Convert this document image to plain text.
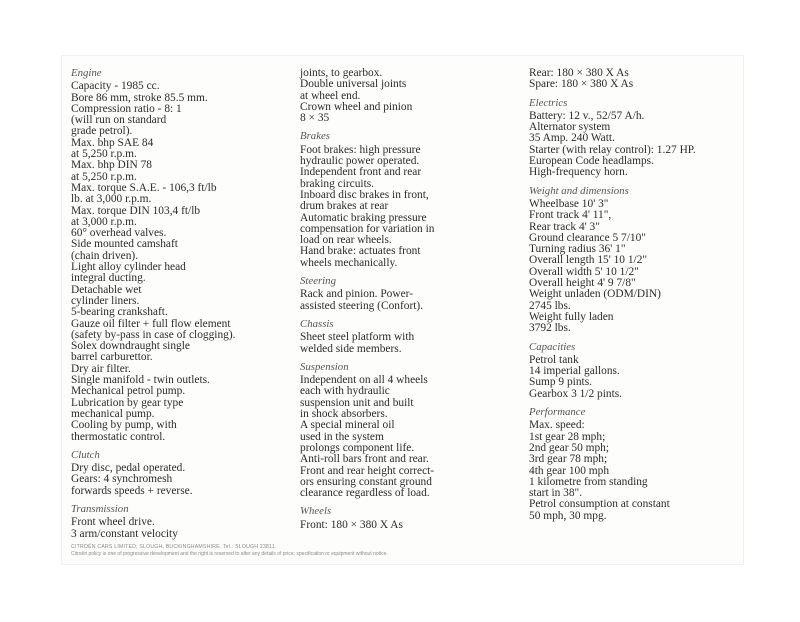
Engine
Capacity - 1985 cc.
Bore 86 mm, stroke 85.5 mm.
Compression ratio - 8: 1
(will run on standard
grade petrol).
Max. bhp SAE 84
at 5,250 r.p.m.
Max. bhp DIN 78
at 5,250 r.p.m.
Max. torque S.A.E. - 106,3 ft/lb
lb. at 3,000 r.p.m.
Max. torque DIN 103,4 ft/lb
at 3,000 r.p.m.
60° overhead valves.
Side mounted camshaft
(chain driven).
Light alloy cylinder head
integral ducting.
Detachable wet
cylinder liners.
5-bearing crankshaft.
Gauze oil filter + full flow element
(safety by-pass in case of clogging).
Solex downdraught single
barrel carburettor.
Dry air filter.
Single manifold - twin outlets.
Mechanical petrol pump.
Lubrication by gear type
mechanical pump.
Cooling by pump, with
thermostatic control.
Clutch
Dry disc, pedal operated.
Gears: 4 synchromesh
forwards speeds + reverse.
Transmission
Front wheel drive.
3 arm/constant velocity
joints, to gearbox.
Double universal joints
at wheel end.
Crown wheel and pinion
8 × 35
Brakes
Foot brakes: high pressure
hydraulic power operated.
Independent front and rear
braking circuits.
Inboard disc brakes in front,
drum brakes at rear
Automatic braking pressure
compensation for variation in
load on rear wheels.
Hand brake: actuates front
wheels mechanically.
Steering
Rack and pinion. Power-
assisted steering (Confort).
Chassis
Sheet steel platform with
welded side members.
Suspension
Independent on all 4 wheels
each with hydraulic
suspension unit and built
in shock absorbers.
A special mineral oil
used in the system
prolongs component life.
Anti-roll bars front and rear.
Front and rear height correct-
ors ensuring constant ground
clearance regardless of load.
Wheels
Front: 180 × 380 X As
Rear: 180 × 380 X As
Spare: 180 × 380 X As
Electrics
Battery: 12 v., 52/57 A/h.
Alternator system
35 Amp. 240 Watt.
Starter (with relay control): 1.27 HP.
European Code headlamps.
High-frequency horn.
Weight and dimensions
Wheelbase 10' 3"
Front track 4' 11",
Rear track 4' 3"
Ground clearance 5 7/10"
Turning radius 36' 1"
Overall length 15' 10 1/2"
Overall width 5' 10 1/2"
Overall height 4' 9 7/8"
Weight unladen (ODM/DIN)
2745 lbs.
Weight fully laden
3792 lbs.
Capacities
Petrol tank
14 imperial gallons.
Sump 9 pints.
Gearbox 3 1/2 pints.
Performance
Max. speed:
1st gear 28 mph;
2nd gear 50 mph;
3rd gear 78 mph;
4th gear 100 mph
1 kilometre from standing
start in 38".
Petrol consumption at constant
50 mph, 30 mpg.
CITROËN CARS LIMITED, SLOUGH, BUCKINGHAMSHIRE. Tel.: SLOUGH 23811.
Citroën policy is one of progressive development and the right is reserved to alter any details of price, specification or equipment without notice.
